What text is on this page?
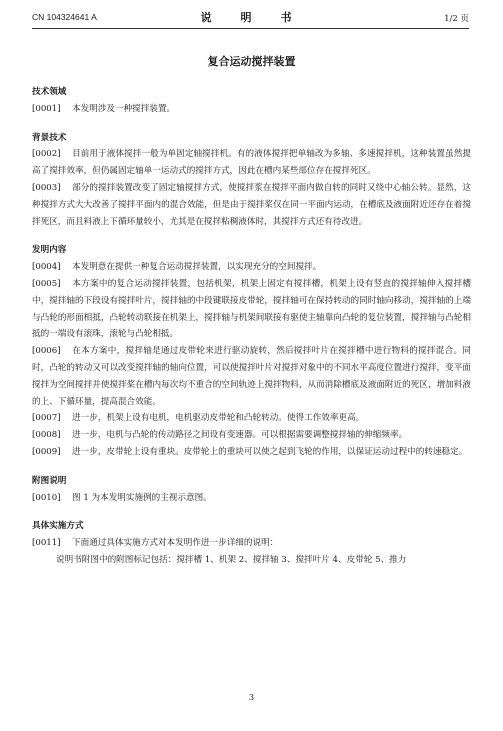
CN 104324641 A	说　明　书	1/2 页
复合运动搅拌装置
技术领域
[0001] 本发明涉及一种搅拌装置。
背景技术
[0002] 目前用于液体搅拌一般为单固定轴搅拌机。有的液体搅拌把单轴改为多轴、多速搅拌机，这种装置虽然提高了搅拌效率，但仍属固定轴单一运动式的搅拌方式，因此在槽内某些部位存在搅拌死区。
[0003] 部分的搅拌装置改变了固定轴搅拌方式，使搅拌浆在搅拌平面内做自转的同时又绕中心轴公转。显然，这种搅拌方式大大改善了搅拌平面内的混合效能，但是由于搅拌桨仅在同一平面内运动，在槽底及液面附近还存在着搅拌死区，而且料液上下循环量较小，尤其是在搅拌粘稠液体时，其搅拌方式还有待改进。
发明内容
[0004] 本发明意在提供一种复合运动搅拌装置，以实现充分的空间搅拌。
[0005] 本方案中的复合运动搅拌装置，包括机架，机架上固定有搅拌槽，机架上设有竖直的搅拌轴伸入搅拌槽中，搅拌轴的下段设有搅拌叶片，搅拌轴的中段键联接皮带轮，搅拌轴可在保持转动的同时轴向移动，搅拌轴的上端与凸轮的形面相抵，凸轮转动联接在机架上，搅拌轴与机架间联接有驱使主轴靠向凸轮的复位装置，搅拌轴与凸轮相抵的一端设有滚珠，滚轮与凸轮相抵。
[0006] 在本方案中，搅拌轴是通过皮带轮来进行驱动旋转，然后搅拌叶片在搅拌槽中进行物料的搅拌混合。同时，凸轮的转动又可以改变搅拌轴的轴向位置，可以使搅拌叶片对搅拌对象中的不同水平高度位置进行搅拌，变平面搅拌为空间搅拌并使搅拌桨在槽内每次均不重合的空间轨迹上搅拌物料，从而消除槽底及液面附近的死区，增加料液的上、下循环量，提高混合效能。
[0007] 进一步，机架上设有电机，电机驱动皮带轮和凸轮转动。使得工作效率更高。
[0008] 进一步，电机与凸轮的传动路径之间设有变速器。可以根据需要调整搅拌轴的伸缩频率。
[0009] 进一步，皮带轮上设有重块。皮带轮上的重块可以使之起到飞轮的作用，以保证运动过程中的转速稳定。
附图说明
[0010] 图 1 为本发明实施例的主视示意图。
具体实施方式
[0011] 下面通过具体实施方式对本发明作进一步详细的说明：
说明书附图中的附图标记包括：搅拌槽 1、机架 2、搅拌轴 3、搅拌叶片 4、皮带轮 5、推力
3
